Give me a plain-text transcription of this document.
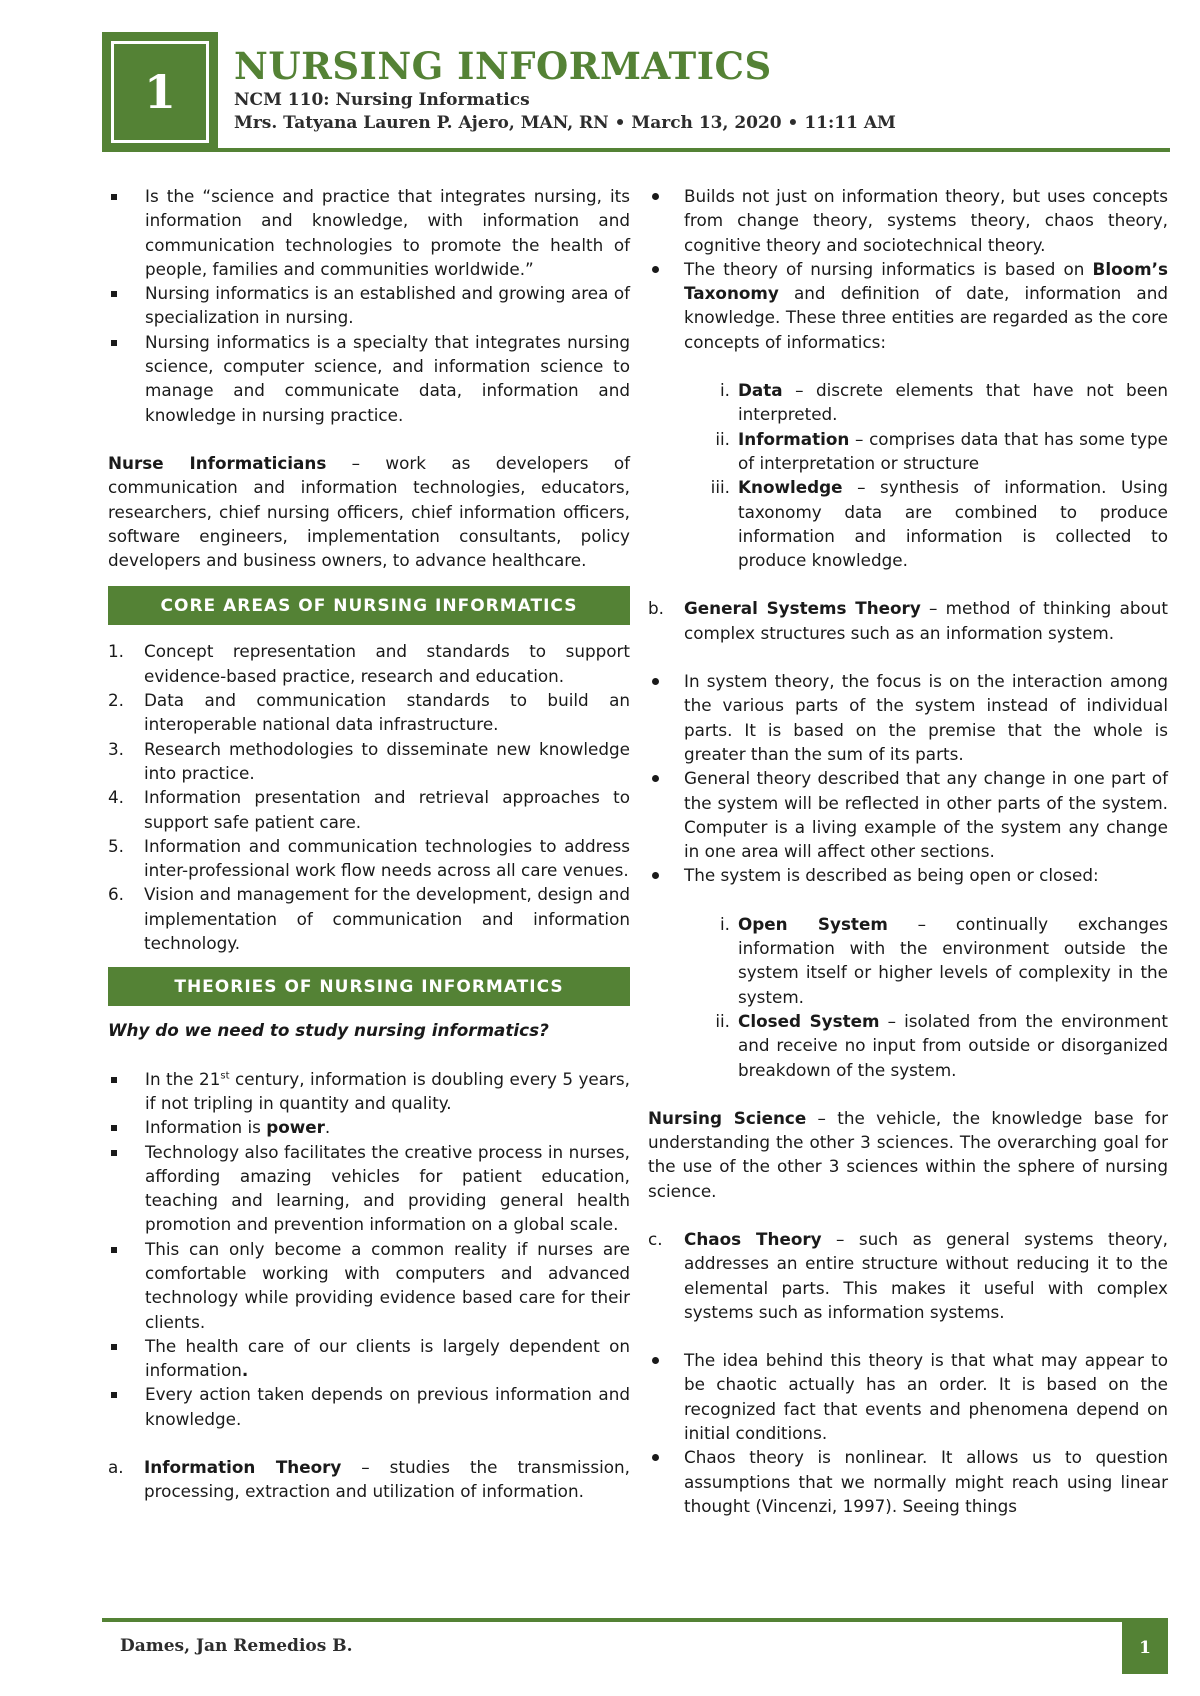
1 NURSING INFORMATICS
NCM 110: Nursing Informatics
Mrs. Tatyana Lauren P. Ajero, MAN, RN • March 13, 2020 • 11:11 AM
Is the “science and practice that integrates nursing, its information and knowledge, with information and communication technologies to promote the health of people, families and communities worldwide.”
Nursing informatics is an established and growing area of specialization in nursing.
Nursing informatics is a specialty that integrates nursing science, computer science, and information science to manage and communicate data, information and knowledge in nursing practice.

Nurse Informaticians – work as developers of communication and information technologies, educators, researchers, chief nursing officers, chief information officers, software engineers, implementation consultants, policy developers and business owners, to advance healthcare.

CORE AREAS OF NURSING INFORMATICS
1. Concept representation and standards to support evidence-based practice, research and education.
2. Data and communication standards to build an interoperable national data infrastructure.
3. Research methodologies to disseminate new knowledge into practice.
4. Information presentation and retrieval approaches to support safe patient care.
5. Information and communication technologies to address inter-professional work flow needs across all care venues.
6. Vision and management for the development, design and implementation of communication and information technology.
THEORIES OF NURSING INFORMATICS

Why do we need to study nursing informatics?

In the 21st century, information is doubling every 5 years, if not tripling in quantity and quality.
Information is power.
Technology also facilitates the creative process in nurses, affording amazing vehicles for patient education, teaching and learning, and providing general health promotion and prevention information on a global scale.
This can only become a common reality if nurses are comfortable working with computers and advanced technology while providing evidence based care for their clients.
The health care of our clients is largely dependent on information.
Every action taken depends on previous information and knowledge.

a. Information Theory – studies the transmission, processing, extraction and utilization of information.

Builds not just on information theory, but uses concepts from change theory, systems theory, chaos theory, cognitive theory and sociotechnical theory.
The theory of nursing informatics is based on Bloom’s Taxonomy and definition of date, information and knowledge. These three entities are regarded as the core concepts of informatics:
i. Data – discrete elements that have not been interpreted.
ii. Information – comprises data that has some type of interpretation or structure
iii. Knowledge – synthesis of information. Using taxonomy data are combined to produce information and information is collected to produce knowledge.

b. General Systems Theory – method of thinking about complex structures such as an information system.

In system theory, the focus is on the interaction among the various parts of the system instead of individual parts. It is based on the premise that the whole is greater than the sum of its parts.
General theory described that any change in one part of the system will be reflected in other parts of the system. Computer is a living example of the system any change in one area will affect other sections.
The system is described as being open or closed:
i. Open System – continually exchanges information with the environment outside the system itself or higher levels of complexity in the system.
ii. Closed System – isolated from the environment and receive no input from outside or disorganized breakdown of the system.

Nursing Science – the vehicle, the knowledge base for understanding the other 3 sciences. The overarching goal for the use of the other 3 sciences within the sphere of nursing science.

c. Chaos Theory – such as general systems theory, addresses an entire structure without reducing it to the elemental parts. This makes it useful with complex systems such as information systems.

The idea behind this theory is that what may appear to be chaotic actually has an order. It is based on the recognized fact that events and phenomena depend on initial conditions.
Chaos theory is nonlinear. It allows us to question assumptions that we normally might reach using linear thought (Vincenzi, 1997). Seeing things
Dames, Jan Remedios B.	1
